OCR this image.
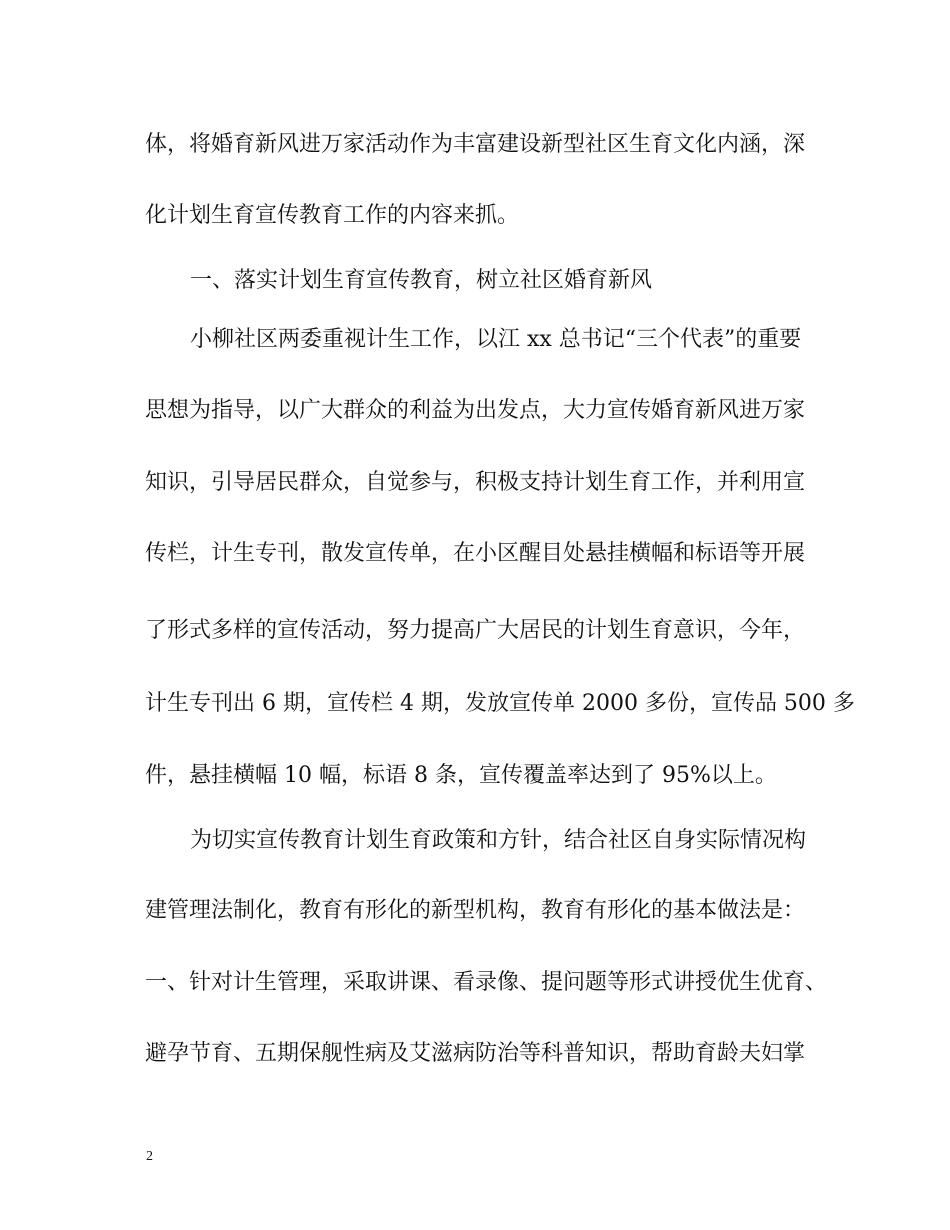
体，将婚育新风进万家活动作为丰富建设新型社区生育文化内涵，深
化计划生育宣传教育工作的内容来抓。
一、落实计划生育宣传教育，树立社区婚育新风
小柳社区两委重视计生工作，以江 xx 总书记“三个代表”的重要
思想为指导，以广大群众的利益为出发点，大力宣传婚育新风进万家
知识，引导居民群众，自觉参与，积极支持计划生育工作，并利用宣
传栏，计生专刊，散发宣传单，在小区醒目处悬挂横幅和标语等开展
了形式多样的宣传活动，努力提高广大居民的计划生育意识，今年，
计生专刊出 6 期，宣传栏 4 期，发放宣传单 2000 多份，宣传品 500 多
件，悬挂横幅 10 幅，标语 8 条，宣传覆盖率达到了 95%以上。
为切实宣传教育计划生育政策和方针，结合社区自身实际情况构
建管理法制化，教育有形化的新型机构，教育有形化的基本做法是：
一、针对计生管理，采取讲课、看录像、提问题等形式讲授优生优育、
避孕节育、五期保舰性病及艾滋病防治等科普知识，帮助育龄夫妇掌
2
